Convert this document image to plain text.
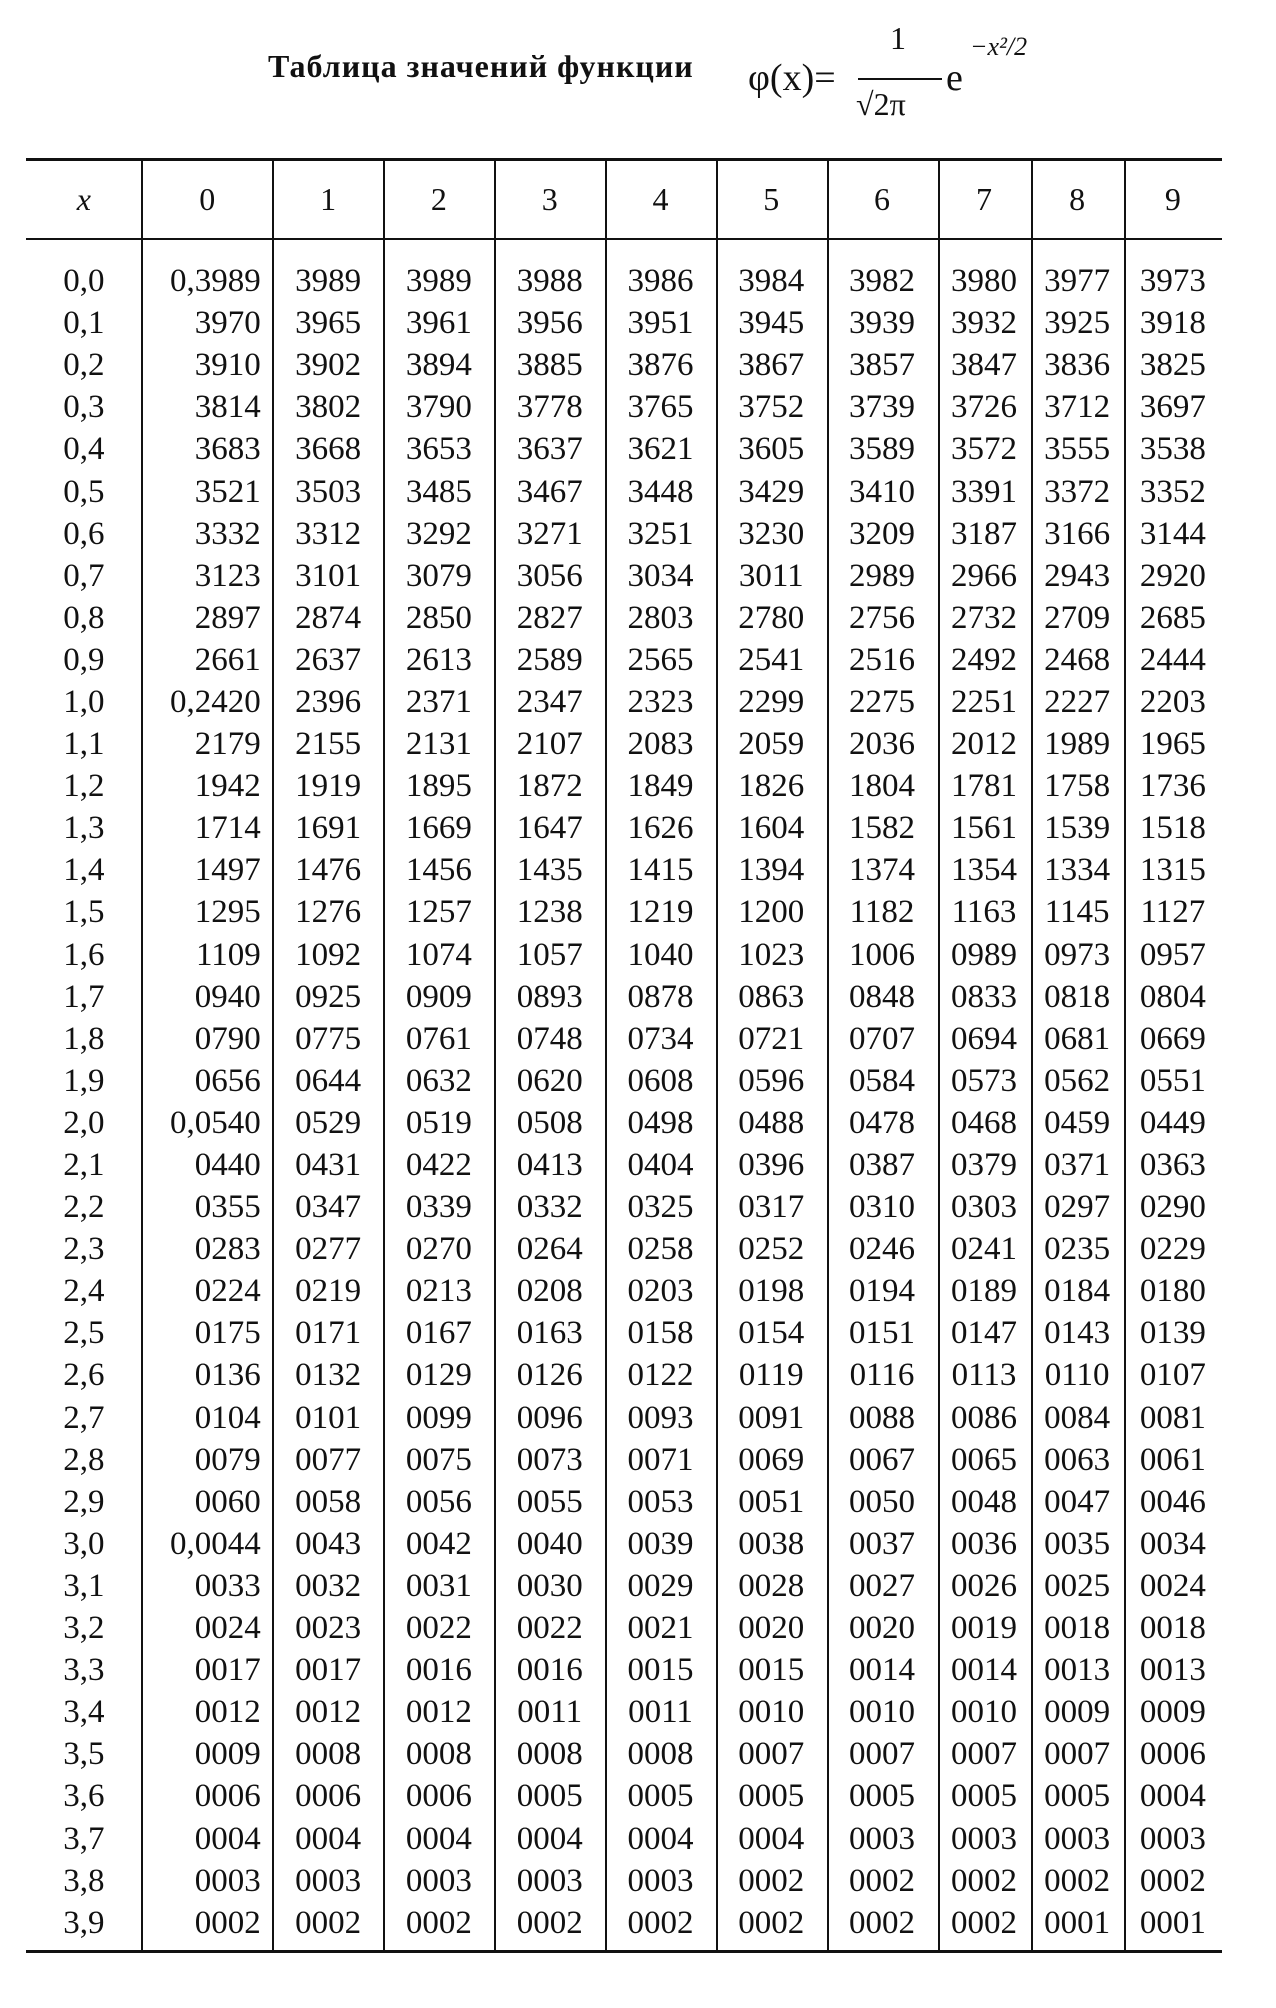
Таблица значений функции φ(x)=
1
√2π
e
−x²/2
x	0	1	2	3	4	5	6	7	8	9
0,0	0,3989	3989	3989	3988	3986	3984	3982	3980	3977	3973
0,1	3970	3965	3961	3956	3951	3945	3939	3932	3925	3918
0,2	3910	3902	3894	3885	3876	3867	3857	3847	3836	3825
0,3	3814	3802	3790	3778	3765	3752	3739	3726	3712	3697
0,4	3683	3668	3653	3637	3621	3605	3589	3572	3555	3538
0,5	3521	3503	3485	3467	3448	3429	3410	3391	3372	3352
0,6	3332	3312	3292	3271	3251	3230	3209	3187	3166	3144
0,7	3123	3101	3079	3056	3034	3011	2989	2966	2943	2920
0,8	2897	2874	2850	2827	2803	2780	2756	2732	2709	2685
0,9	2661	2637	2613	2589	2565	2541	2516	2492	2468	2444
1,0	0,2420	2396	2371	2347	2323	2299	2275	2251	2227	2203
1,1	2179	2155	2131	2107	2083	2059	2036	2012	1989	1965
1,2	1942	1919	1895	1872	1849	1826	1804	1781	1758	1736
1,3	1714	1691	1669	1647	1626	1604	1582	1561	1539	1518
1,4	1497	1476	1456	1435	1415	1394	1374	1354	1334	1315
1,5	1295	1276	1257	1238	1219	1200	1182	1163	1145	1127
1,6	1109	1092	1074	1057	1040	1023	1006	0989	0973	0957
1,7	0940	0925	0909	0893	0878	0863	0848	0833	0818	0804
1,8	0790	0775	0761	0748	0734	0721	0707	0694	0681	0669
1,9	0656	0644	0632	0620	0608	0596	0584	0573	0562	0551
2,0	0,0540	0529	0519	0508	0498	0488	0478	0468	0459	0449
2,1	0440	0431	0422	0413	0404	0396	0387	0379	0371	0363
2,2	0355	0347	0339	0332	0325	0317	0310	0303	0297	0290
2,3	0283	0277	0270	0264	0258	0252	0246	0241	0235	0229
2,4	0224	0219	0213	0208	0203	0198	0194	0189	0184	0180
2,5	0175	0171	0167	0163	0158	0154	0151	0147	0143	0139
2,6	0136	0132	0129	0126	0122	0119	0116	0113	0110	0107
2,7	0104	0101	0099	0096	0093	0091	0088	0086	0084	0081
2,8	0079	0077	0075	0073	0071	0069	0067	0065	0063	0061
2,9	0060	0058	0056	0055	0053	0051	0050	0048	0047	0046
3,0	0,0044	0043	0042	0040	0039	0038	0037	0036	0035	0034
3,1	0033	0032	0031	0030	0029	0028	0027	0026	0025	0024
3,2	0024	0023	0022	0022	0021	0020	0020	0019	0018	0018
3,3	0017	0017	0016	0016	0015	0015	0014	0014	0013	0013
3,4	0012	0012	0012	0011	0011	0010	0010	0010	0009	0009
3,5	0009	0008	0008	0008	0008	0007	0007	0007	0007	0006
3,6	0006	0006	0006	0005	0005	0005	0005	0005	0005	0004
3,7	0004	0004	0004	0004	0004	0004	0003	0003	0003	0003
3,8	0003	0003	0003	0003	0003	0002	0002	0002	0002	0002
3,9	0002	0002	0002	0002	0002	0002	0002	0002	0001	0001
